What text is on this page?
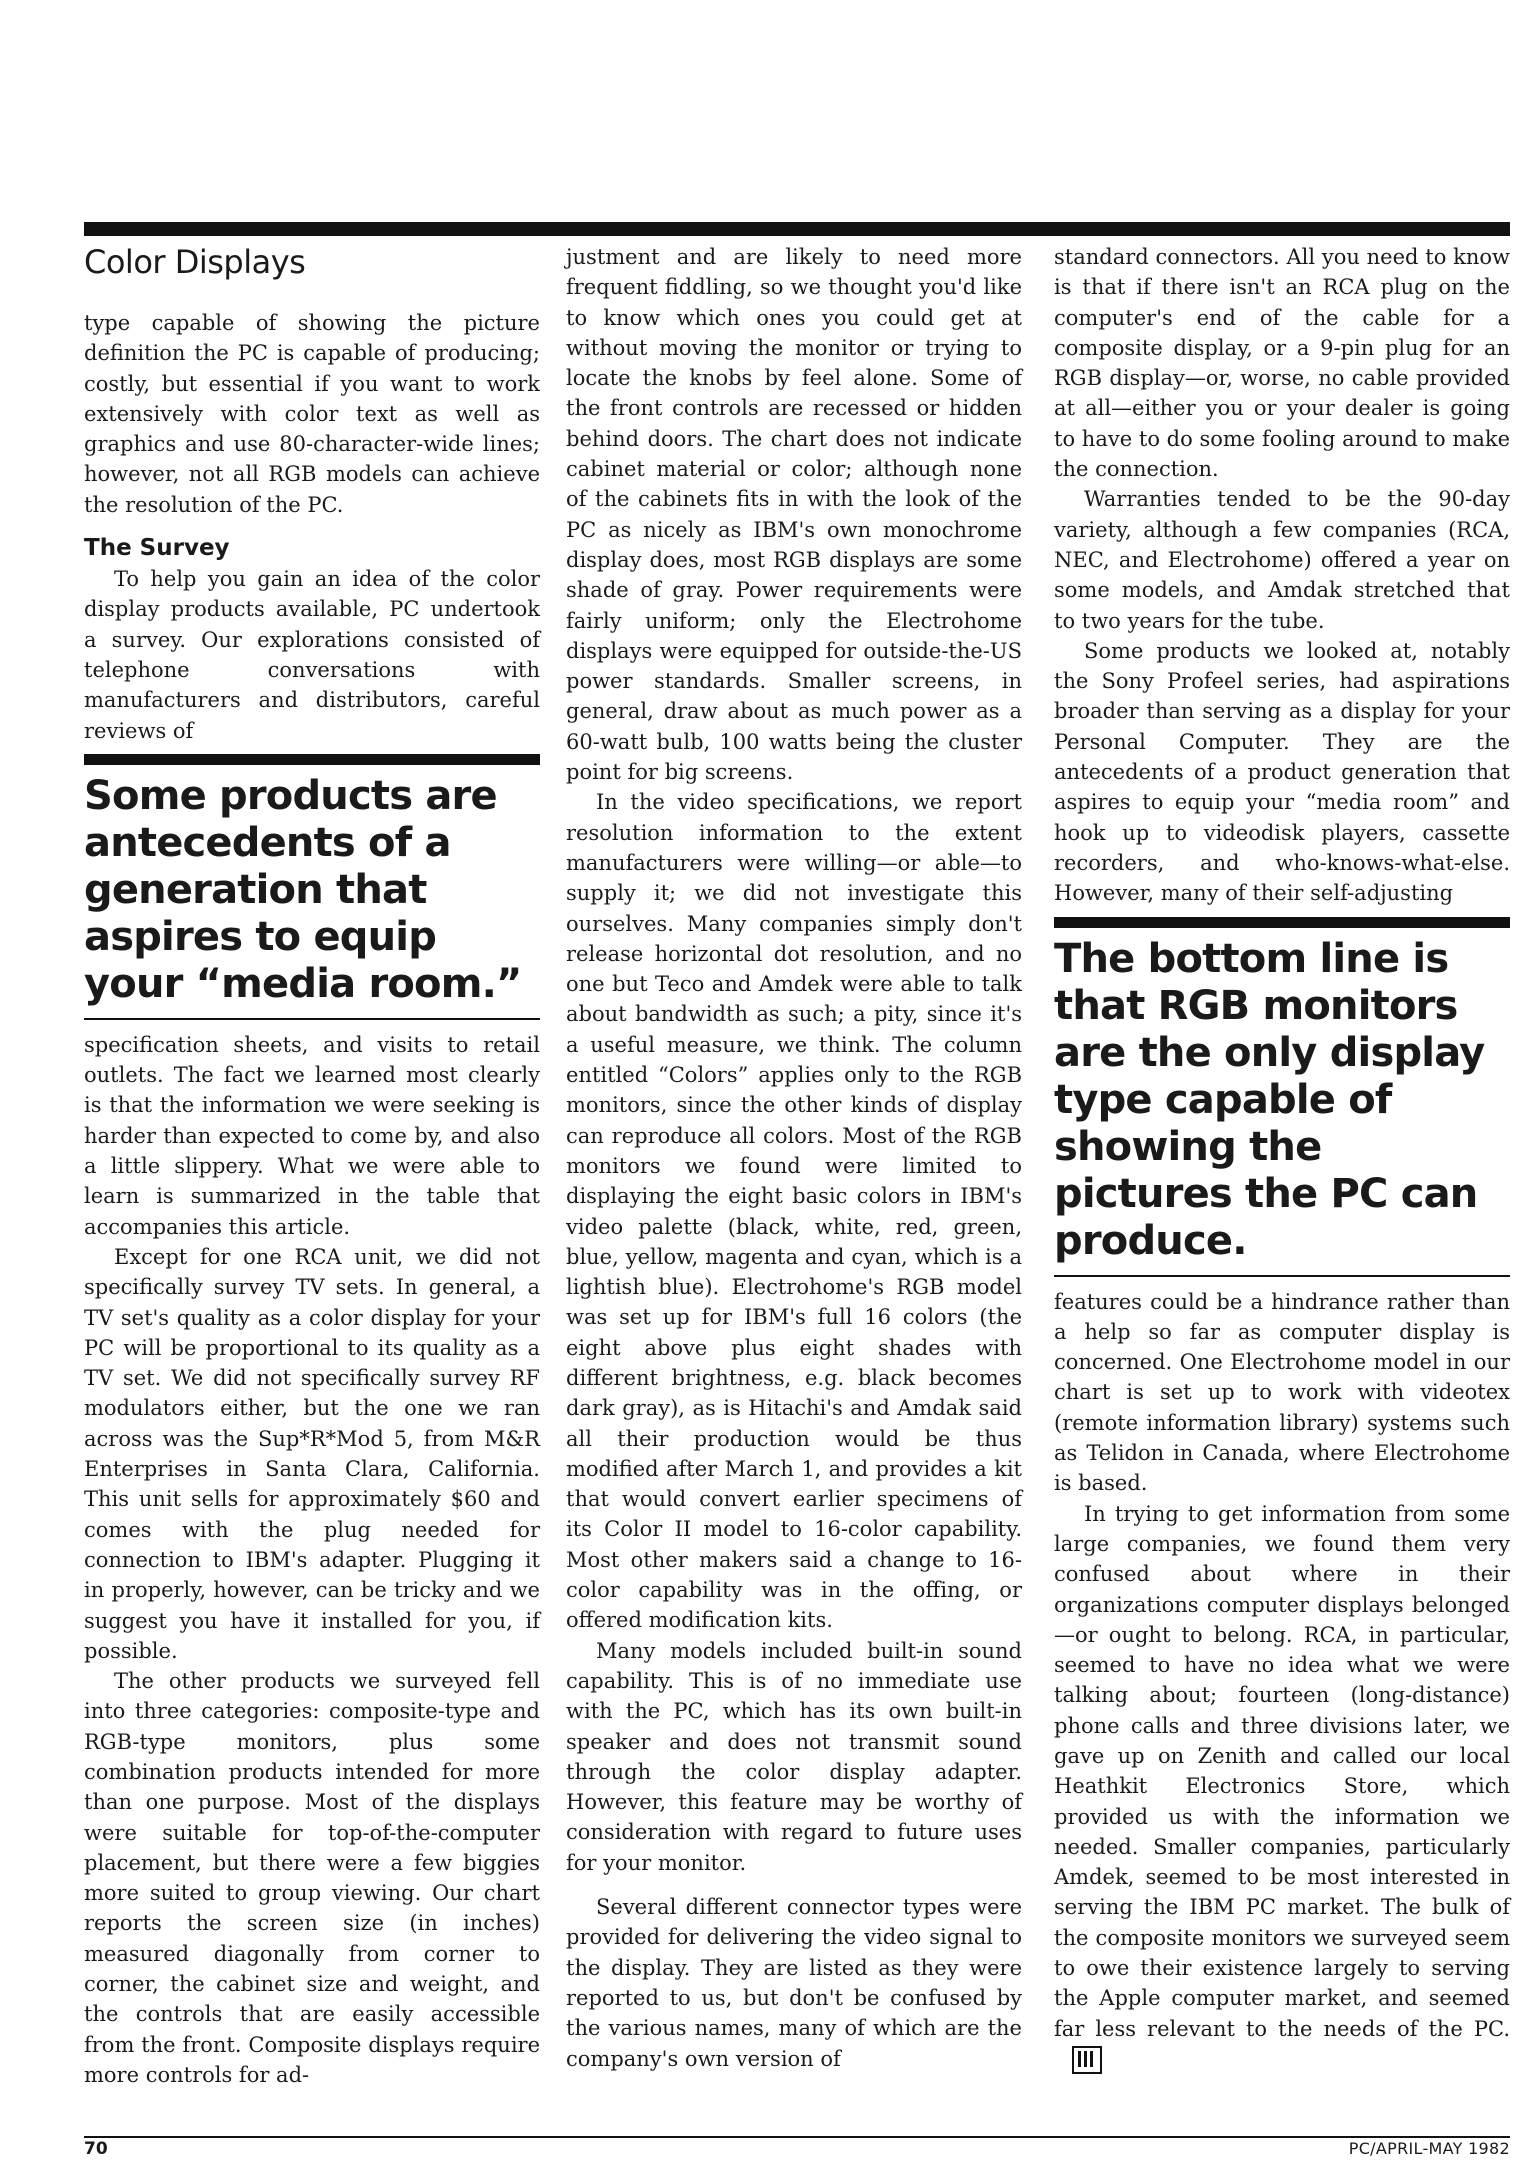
Color Displays

type capable of showing the picture definition the PC is capable of producing; costly, but essential if you want to work extensively with color text as well as graphics and use 80-character-wide lines; however, not all RGB models can achieve the resolution of the PC.

The Survey

To help you gain an idea of the color display products available, PC undertook a survey. Our explorations consisted of telephone conversations with manufacturers and distributors, careful reviews of

Some products are antecedents of a generation that aspires to equip your “media room.”

specification sheets, and visits to retail outlets. The fact we learned most clearly is that the information we were seeking is harder than expected to come by, and also a little slippery. What we were able to learn is summarized in the table that accompanies this article.

Except for one RCA unit, we did not specifically survey TV sets. In general, a TV set's quality as a color display for your PC will be proportional to its quality as a TV set. We did not specifically survey RF modulators either, but the one we ran across was the Sup*R*Mod 5, from M&R Enterprises in Santa Clara, California. This unit sells for approximately $60 and comes with the plug needed for connection to IBM's adapter. Plugging it in properly, however, can be tricky and we suggest you have it installed for you, if possible.

The other products we surveyed fell into three categories: composite-type and RGB-type monitors, plus some combination products intended for more than one purpose. Most of the displays were suitable for top-of-the-computer placement, but there were a few biggies more suited to group viewing. Our chart reports the screen size (in inches) measured diagonally from corner to corner, the cabinet size and weight, and the controls that are easily accessible from the front. Composite displays require more controls for ad-

justment and are likely to need more frequent fiddling, so we thought you'd like to know which ones you could get at without moving the monitor or trying to locate the knobs by feel alone. Some of the front controls are recessed or hidden behind doors. The chart does not indicate cabinet material or color; although none of the cabinets fits in with the look of the PC as nicely as IBM's own monochrome display does, most RGB displays are some shade of gray. Power requirements were fairly uniform; only the Electrohome displays were equipped for outside-the-US power standards. Smaller screens, in general, draw about as much power as a 60-watt bulb, 100 watts being the cluster point for big screens.

In the video specifications, we report resolution information to the extent manufacturers were willing—or able—to supply it; we did not investigate this ourselves. Many companies simply don't release horizontal dot resolution, and no one but Teco and Amdek were able to talk about bandwidth as such; a pity, since it's a useful measure, we think. The column entitled “Colors” applies only to the RGB monitors, since the other kinds of display can reproduce all colors. Most of the RGB monitors we found were limited to displaying the eight basic colors in IBM's video palette (black, white, red, green, blue, yellow, magenta and cyan, which is a lightish blue). Electrohome's RGB model was set up for IBM's full 16 colors (the eight above plus eight shades with different brightness, e.g. black becomes dark gray), as is Hitachi's and Amdak said all their production would be thus modified after March 1, and provides a kit that would convert earlier specimens of its Color II model to 16-color capability. Most other makers said a change to 16-color capability was in the offing, or offered modification kits.

Many models included built-in sound capability. This is of no immediate use with the PC, which has its own built-in speaker and does not transmit sound through the color display adapter. However, this feature may be worthy of consideration with regard to future uses for your monitor.

Several different connector types were provided for delivering the video signal to the display. They are listed as they were reported to us, but don't be confused by the various names, many of which are the company's own version of

standard connectors. All you need to know is that if there isn't an RCA plug on the computer's end of the cable for a composite display, or a 9-pin plug for an RGB display—or, worse, no cable provided at all—either you or your dealer is going to have to do some fooling around to make the connection.

Warranties tended to be the 90-day variety, although a few companies (RCA, NEC, and Electrohome) offered a year on some models, and Amdak stretched that to two years for the tube.

Some products we looked at, notably the Sony Profeel series, had aspirations broader than serving as a display for your Personal Computer. They are the antecedents of a product generation that aspires to equip your “media room” and hook up to videodisk players, cassette recorders, and who-knows-what-else. However, many of their self-adjusting

The bottom line is that RGB monitors are the only display type capable of showing the pictures the PC can produce.

features could be a hindrance rather than a help so far as computer display is concerned. One Electrohome model in our chart is set up to work with videotex (remote information library) systems such as Telidon in Canada, where Electrohome is based.

In trying to get information from some large companies, we found them very confused about where in their organizations computer displays belonged—or ought to belong. RCA, in particular, seemed to have no idea what we were talking about; fourteen (long-distance) phone calls and three divisions later, we gave up on Zenith and called our local Heathkit Electronics Store, which provided us with the information we needed. Smaller companies, particularly Amdek, seemed to be most interested in serving the IBM PC market. The bulk of the composite monitors we surveyed seem to owe their existence largely to serving the Apple computer market, and seemed far less relevant to the needs of the PC.

70	PC/APRIL-MAY 1982
